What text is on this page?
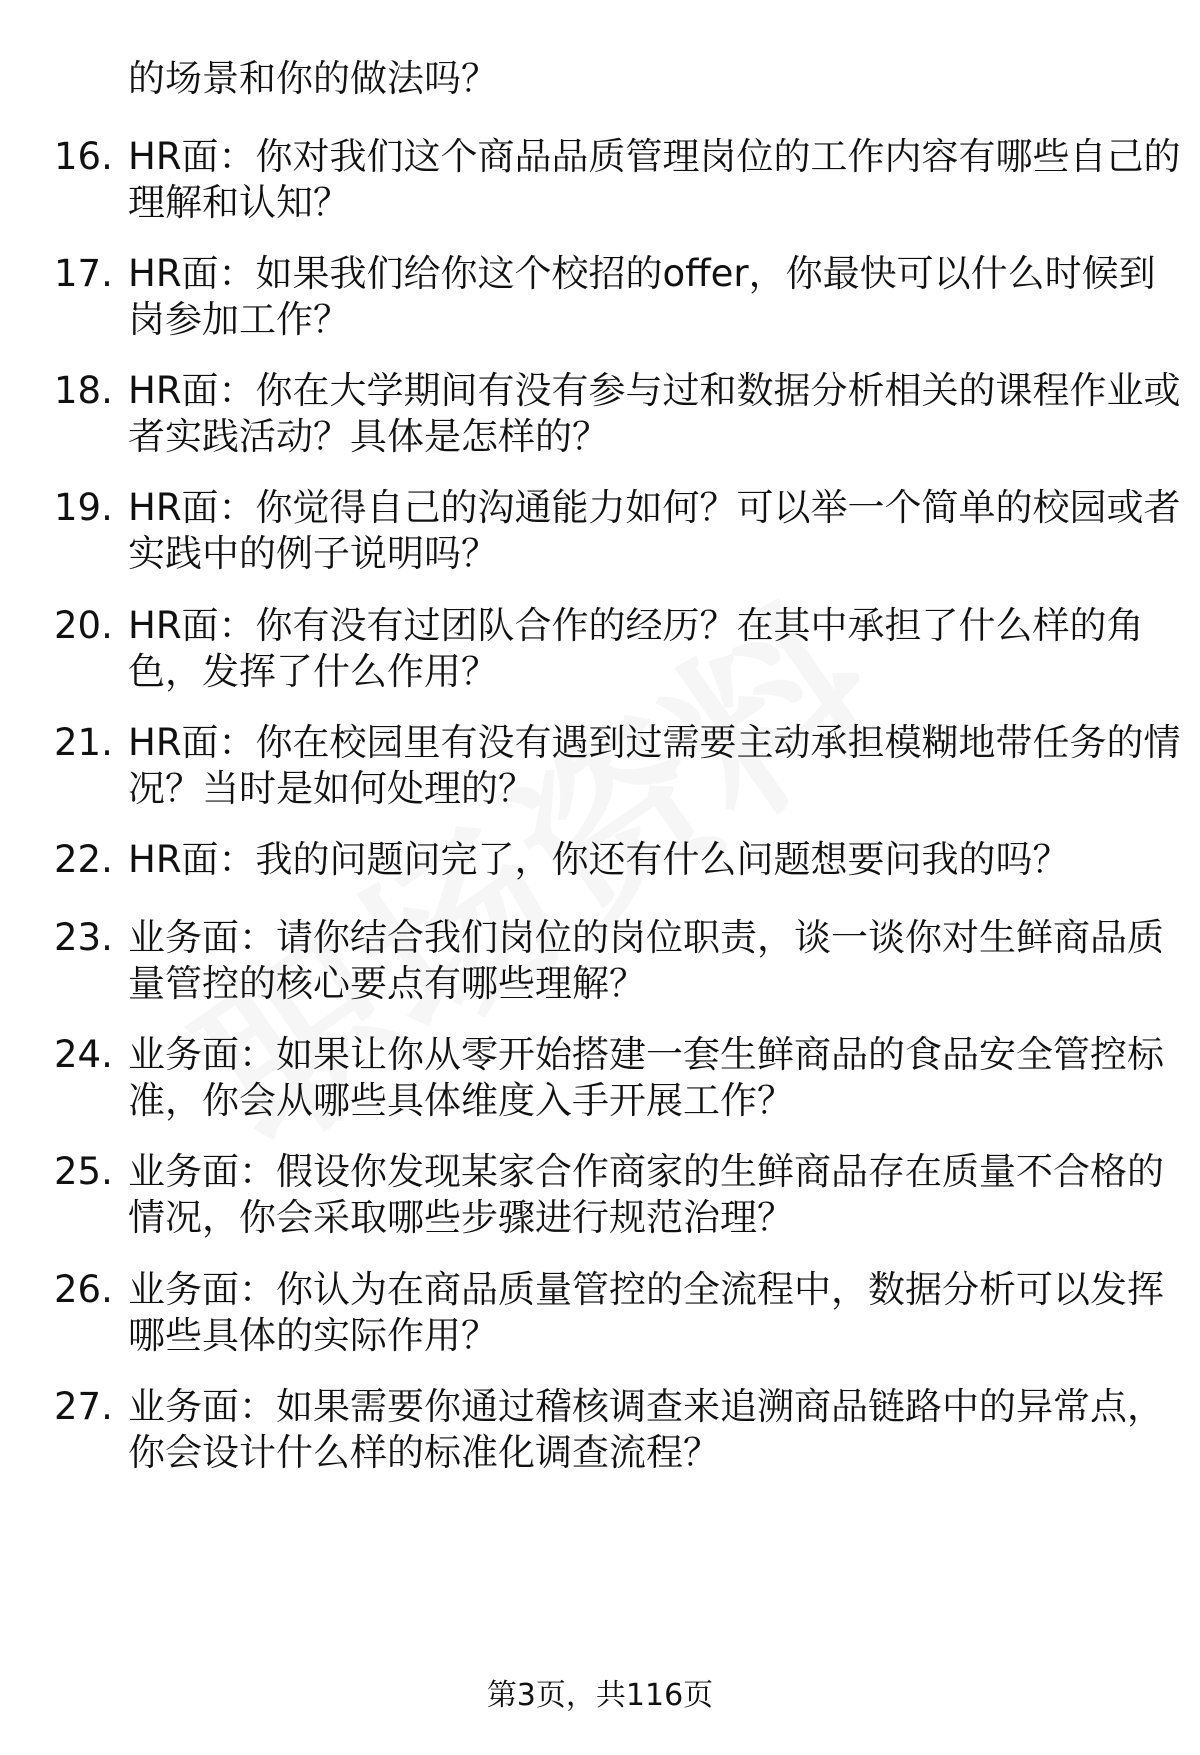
的场景和你的做法吗？
16. HR面：你对我们这个商品品质管理岗位的工作内容有哪些自己的
理解和认知？
17. HR面：如果我们给你这个校招的offer，你最快可以什么时候到
岗参加工作？
18. HR面：你在大学期间有没有参与过和数据分析相关的课程作业或
者实践活动？具体是怎样的？
19. HR面：你觉得自己的沟通能力如何？可以举一个简单的校园或者
实践中的例子说明吗？
20. HR面：你有没有过团队合作的经历？在其中承担了什么样的角
色，发挥了什么作用？
21. HR面：你在校园里有没有遇到过需要主动承担模糊地带任务的情
况？当时是如何处理的？
22. HR面：我的问题问完了，你还有什么问题想要问我的吗？
23. 业务面：请你结合我们岗位的岗位职责，谈一谈你对生鲜商品质
量管控的核心要点有哪些理解？
24. 业务面：如果让你从零开始搭建一套生鲜商品的食品安全管控标
准，你会从哪些具体维度入手开展工作？
25. 业务面：假设你发现某家合作商家的生鲜商品存在质量不合格的
情况，你会采取哪些步骤进行规范治理？
26. 业务面：你认为在商品质量管控的全流程中，数据分析可以发挥
哪些具体的实际作用？
27. 业务面：如果需要你通过稽核调查来追溯商品链路中的异常点，
你会设计什么样的标准化调查流程？
第3页，共116页
